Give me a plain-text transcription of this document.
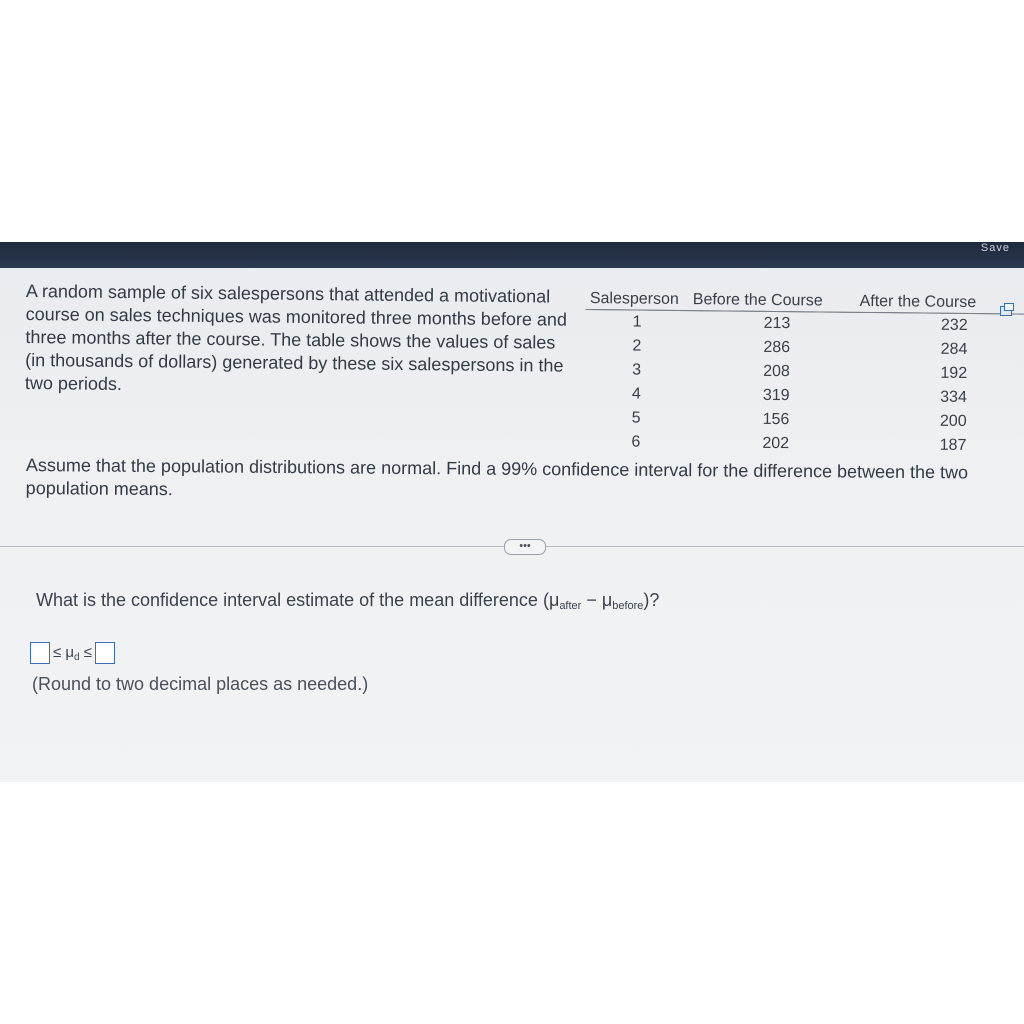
Save
A random sample of six salespersons that attended a motivational course on sales techniques was monitored three months before and three months after the course. The table shows the values of sales (in thousands of dollars) generated by these six salespersons in the two periods.
Salesperson	Before the Course	After the Course
1	213	232
2	286	284
3	208	192
4	319	334
5	156	200
6	202	187
Assume that the population distributions are normal. Find a 99% confidence interval for the difference between the two population means.
•••
What is the confidence interval estimate of the mean difference $(\mu_{after} - \mu_{before})$?
≤ $\mu_d$ ≤
(Round to two decimal places as needed.)
